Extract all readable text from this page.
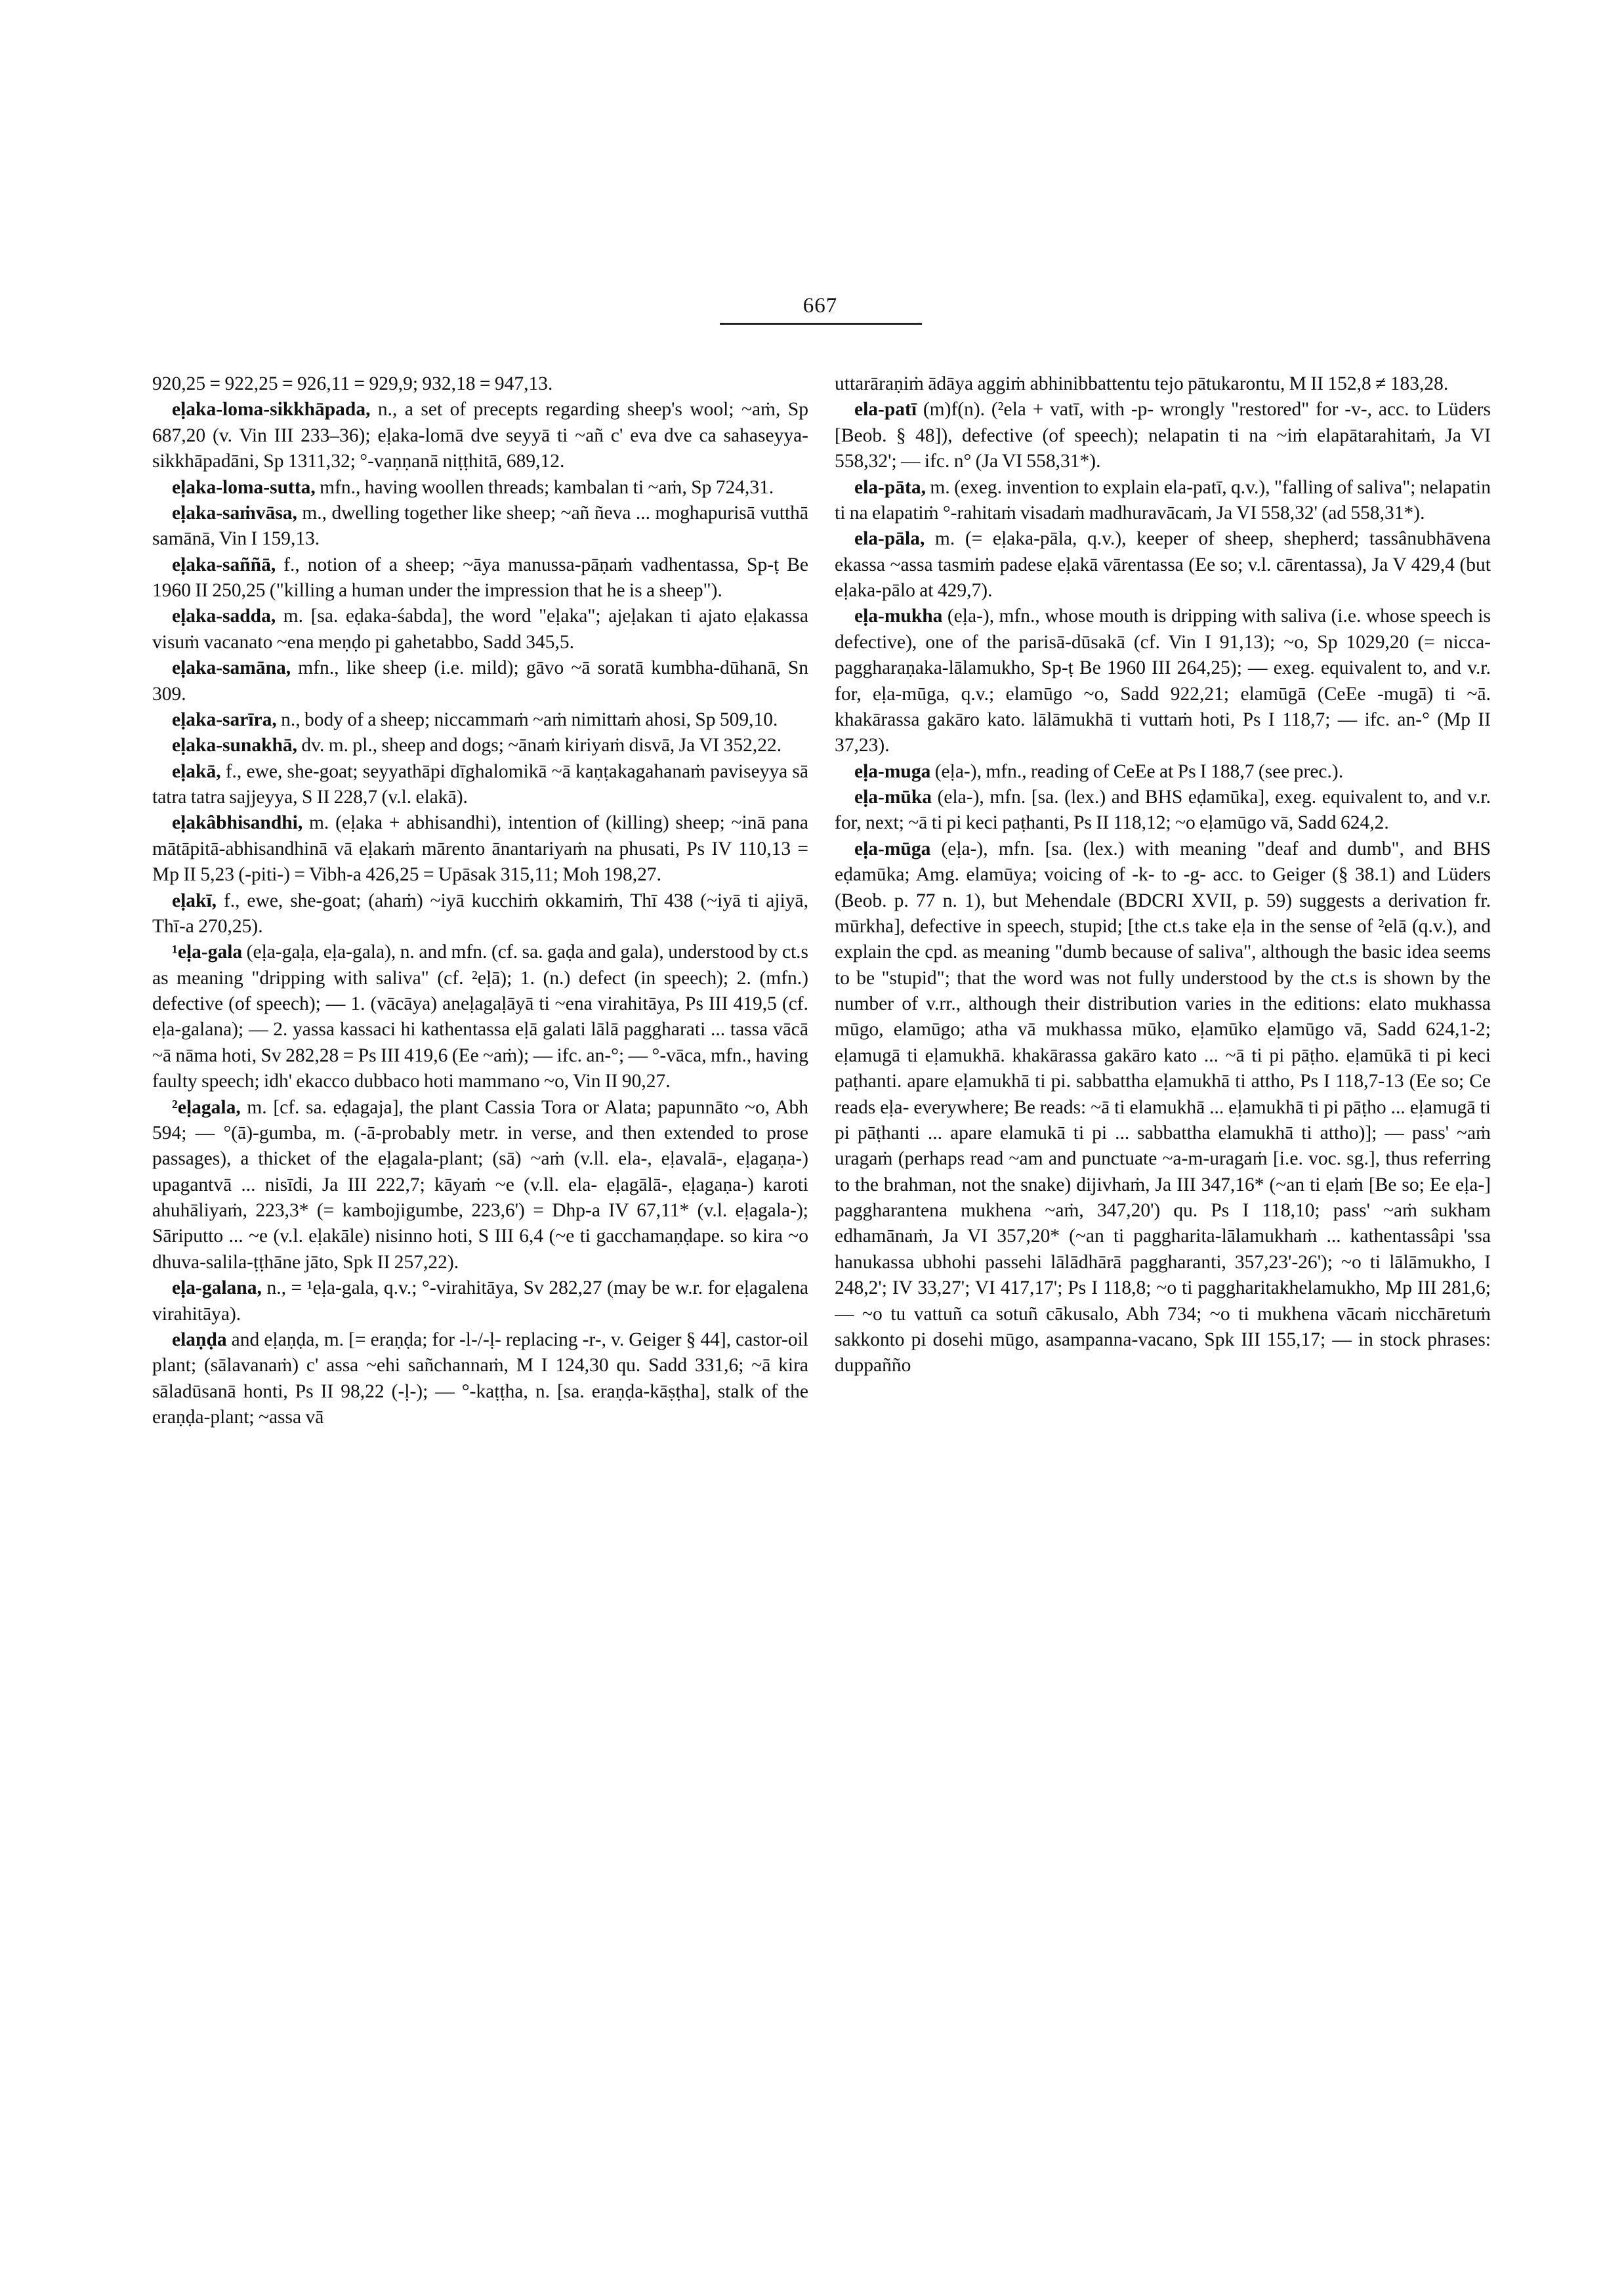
667

920,25 = 922,25 = 926,11 = 929,9; 932,18 = 947,13.

eḷaka-loma-sikkhāpada, n., a set of precepts regarding sheep's wool; ~aṁ, Sp 687,20 (v. Vin III 233–36); eḷaka-lomā dve seyyā ti ~añ c' eva dve ca sahaseyya-sikkhāpadāni, Sp 1311,32; °-vaṇṇanā niṭṭhitā, 689,12.

eḷaka-loma-sutta, mfn., having woollen threads; kambalan ti ~aṁ, Sp 724,31.

eḷaka-saṁvāsa, m., dwelling together like sheep; ~añ ñeva ... moghapurisā vutthā samānā, Vin I 159,13.

eḷaka-saññā, f., notion of a sheep; ~āya manussa-pāṇaṁ vadhentassa, Sp-ṭ Be 1960 II 250,25 ("killing a human under the impression that he is a sheep").

eḷaka-sadda, m. [sa. eḍaka-śabda], the word "eḷaka"; ajeḷakan ti ajato eḷakassa visuṁ vacanato ~ena meṇḍo pi gahetabbo, Sadd 345,5.

eḷaka-samāna, mfn., like sheep (i.e. mild); gāvo ~ā soratā kumbha-dūhanā, Sn 309.

eḷaka-sarīra, n., body of a sheep; niccammaṁ ~aṁ nimittaṁ ahosi, Sp 509,10.

eḷaka-sunakhā, dv. m. pl., sheep and dogs; ~ānaṁ kiriyaṁ disvā, Ja VI 352,22.

eḷakā, f., ewe, she-goat; seyyathāpi dīghalomikā ~ā kaṇṭakagahanaṁ paviseyya sā tatra tatra sajjeyya, S II 228,7 (v.l. elakā).

eḷakâbhisandhi, m. (eḷaka + abhisandhi), intention of (killing) sheep; ~inā pana mātāpitā-abhisandhinā vā eḷakaṁ mārento ānantariyaṁ na phusati, Ps IV 110,13 = Mp II 5,23 (-piti-) = Vibh-a 426,25 = Upāsak 315,11; Moh 198,27.

eḷakī, f., ewe, she-goat; (ahaṁ) ~iyā kucchiṁ okkamiṁ, Thī 438 (~iyā ti ajiyā, Thī-a 270,25).

¹eḷa-gala (eḷa-gaḷa, eḷa-gala), n. and mfn. (cf. sa. gaḍa and gala), understood by ct.s as meaning "dripping with saliva" (cf. ²eḷā); 1. (n.) defect (in speech); 2. (mfn.) defective (of speech); — 1. (vācāya) aneḷagaḷāyā ti ~ena virahitāya, Ps III 419,5 (cf. eḷa-galana); — 2. yassa kassaci hi kathentassa eḷā galati lālā paggharati ... tassa vācā ~ā nāma hoti, Sv 282,28 = Ps III 419,6 (Ee ~aṁ); — ifc. an-°; — °-vāca, mfn., having faulty speech; idh' ekacco dubbaco hoti mammano ~o, Vin II 90,27.

²eḷagala, m. [cf. sa. eḍagaja], the plant Cassia Tora or Alata; papunnāto ~o, Abh 594; — °(ā)-gumba, m. (-ā-probably metr. in verse, and then extended to prose passages), a thicket of the eḷagala-plant; (sā) ~aṁ (v.ll. ela-, eḷavalā-, eḷagaṇa-) upagantvā ... nisīdi, Ja III 222,7; kāyaṁ ~e (v.ll. ela- eḷagālā-, eḷagaṇa-) karoti ahuhāliyaṁ, 223,3* (= kambojigumbe, 223,6') = Dhp-a IV 67,11* (v.l. eḷagala-); Sāriputto ... ~e (v.l. eḷakāle) nisinno hoti, S III 6,4 (~e ti gacchamaṇḍape. so kira ~o dhuva-salila-ṭṭhāne jāto, Spk II 257,22).

eḷa-galana, n., = ¹eḷa-gala, q.v.; °-virahitāya, Sv 282,27 (may be w.r. for eḷagalena virahitāya).

elaṇḍa and eḷaṇḍa, m. [= eraṇḍa; for -l-/-ḷ- replacing -r-, v. Geiger § 44], castor-oil plant; (sālavanaṁ) c' assa ~ehi sañchannaṁ, M I 124,30 qu. Sadd 331,6; ~ā kira sāladūsanā honti, Ps II 98,22 (-ḷ-); — °-kaṭṭha, n. [sa. eraṇḍa-kāṣṭha], stalk of the eraṇḍa-plant; ~assa vā

uttarāraṇiṁ ādāya aggiṁ abhinibbattentu tejo pātukarontu, M II 152,8 ≠ 183,28.

ela-patī (m)f(n). (²ela + vatī, with -p- wrongly "restored" for -v-, acc. to Lüders [Beob. § 48]), defective (of speech); nelapatin ti na ~iṁ elapātarahitaṁ, Ja VI 558,32'; — ifc. n° (Ja VI 558,31*).

ela-pāta, m. (exeg. invention to explain ela-patī, q.v.), "falling of saliva"; nelapatin ti na elapatiṁ °-rahitaṁ visadaṁ madhuravācaṁ, Ja VI 558,32' (ad 558,31*).

ela-pāla, m. (= eḷaka-pāla, q.v.), keeper of sheep, shepherd; tassânubhāvena ekassa ~assa tasmiṁ padese eḷakā vārentassa (Ee so; v.l. cārentassa), Ja V 429,4 (but eḷaka-pālo at 429,7).

eḷa-mukha (eḷa-), mfn., whose mouth is dripping with saliva (i.e. whose speech is defective), one of the parisā-dūsakā (cf. Vin I 91,13); ~o, Sp 1029,20 (= nicca-paggharaṇaka-lālamukho, Sp-ṭ Be 1960 III 264,25); — exeg. equivalent to, and v.r. for, eḷa-mūga, q.v.; elamūgo ~o, Sadd 922,21; elamūgā (CeEe -mugā) ti ~ā. khakārassa gakāro kato. lālāmukhā ti vuttaṁ hoti, Ps I 118,7; — ifc. an-° (Mp II 37,23).

eḷa-muga (eḷa-), mfn., reading of CeEe at Ps I 188,7 (see prec.).

eḷa-mūka (ela-), mfn. [sa. (lex.) and BHS eḍamūka], exeg. equivalent to, and v.r. for, next; ~ā ti pi keci paṭhanti, Ps II 118,12; ~o eḷamūgo vā, Sadd 624,2.

eḷa-mūga (eḷa-), mfn. [sa. (lex.) with meaning "deaf and dumb", and BHS eḍamūka; Amg. elamūya; voicing of -k- to -g- acc. to Geiger (§ 38.1) and Lüders (Beob. p. 77 n. 1), but Mehendale (BDCRI XVII, p. 59) suggests a derivation fr. mūrkha], defective in speech, stupid; [the ct.s take eḷa in the sense of ²elā (q.v.), and explain the cpd. as meaning "dumb because of saliva", although the basic idea seems to be "stupid"; that the word was not fully understood by the ct.s is shown by the number of v.rr., although their distribution varies in the editions: elato mukhassa mūgo, elamūgo; atha vā mukhassa mūko, eḷamūko eḷamūgo vā, Sadd 624,1-2; eḷamugā ti eḷamukhā. khakārassa gakāro kato ... ~ā ti pi pāṭho. eḷamūkā ti pi keci paṭhanti. apare eḷamukhā ti pi. sabbattha eḷamukhā ti attho, Ps I 118,7-13 (Ee so; Ce reads eḷa- everywhere; Be reads: ~ā ti elamukhā ... eḷamukhā ti pi pāṭho ... eḷamugā ti pi pāṭhanti ... apare elamukā ti pi ... sabbattha elamukhā ti attho)]; — pass' ~aṁ uragaṁ (perhaps read ~am and punctuate ~a-m-uragaṁ [i.e. voc. sg.], thus referring to the brahman, not the snake) dijivhaṁ, Ja III 347,16* (~an ti eḷaṁ [Be so; Ee eḷa-] paggharantena mukhena ~aṁ, 347,20') qu. Ps I 118,10; pass' ~aṁ sukham edhamānaṁ, Ja VI 357,20* (~an ti paggharita-lālamukhaṁ ... kathentassâpi 'ssa hanukassa ubhohi passehi lālādhārā paggharanti, 357,23'-26'); ~o ti lālāmukho, I 248,2'; IV 33,27'; VI 417,17'; Ps I 118,8; ~o ti paggharitakhelamukho, Mp III 281,6; — ~o tu vattuñ ca sotuñ cākusalo, Abh 734; ~o ti mukhena vācaṁ nicchāretuṁ sakkonto pi dosehi mūgo, asampanna-vacano, Spk III 155,17; — in stock phrases: duppañño
